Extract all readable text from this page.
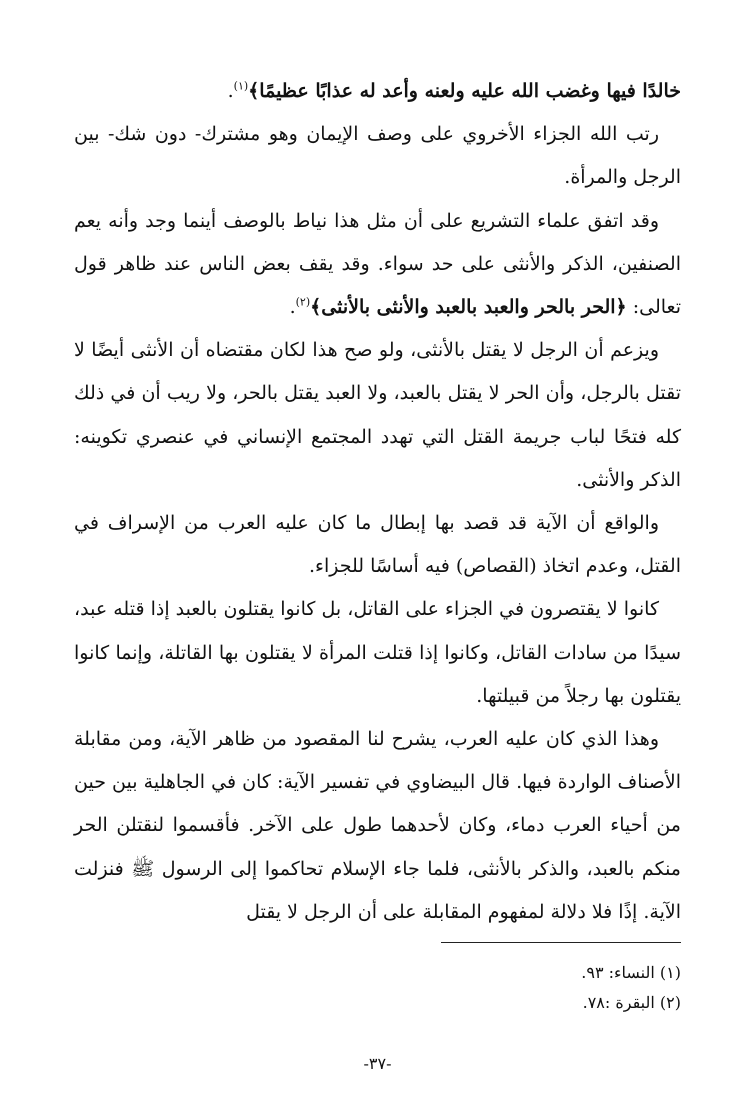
خالدًا فيها وغضب الله عليه ولعنه وأعد له عذابًا عظيمًا﴾$^{(١)}$.

رتب الله الجزاء الأخروي على وصف الإيمان وهو مشترك- دون شك- بين الرجل والمرأة.

وقد اتفق علماء التشريع على أن مثل هذا نياط بالوصف أينما وجد وأنه يعم الصنفين، الذكر والأنثى على حد سواء. وقد يقف بعض الناس عند ظاهر قول تعالى: ﴿الحر بالحر والعبد بالعبد والأنثى بالأنثى﴾$^{(٢)}$.

ويزعم أن الرجل لا يقتل بالأنثى، ولو صح هذا لكان مقتضاه أن الأنثى أيضًا لا تقتل بالرجل، وأن الحر لا يقتل بالعبد، ولا العبد يقتل بالحر، ولا ريب أن في ذلك كله فتحًا لباب جريمة القتل التي تهدد المجتمع الإنساني في عنصري تكوينه: الذكر والأنثى.

والواقع أن الآية قد قصد بها إبطال ما كان عليه العرب من الإسراف في القتل، وعدم اتخاذ (القصاص) فيه أساسًا للجزاء.

كانوا لا يقتصرون في الجزاء على القاتل، بل كانوا يقتلون بالعبد إذا قتله عبد، سيدًا من سادات القاتل، وكانوا إذا قتلت المرأة لا يقتلون بها القاتلة، وإنما كانوا يقتلون بها رجلاً من قبيلتها.

وهذا الذي كان عليه العرب، يشرح لنا المقصود من ظاهر الآية، ومن مقابلة الأصناف الواردة فيها. قال البيضاوي في تفسير الآية: كان في الجاهلية بين حين من أحياء العرب دماء، وكان لأحدهما طول على الآخر. فأقسموا لنقتلن الحر منكم بالعبد، والذكر بالأنثى، فلما جاء الإسلام تحاكموا إلى الرسول ﷺ فنزلت الآية. إذًا فلا دلالة لمفهوم المقابلة على أن الرجل لا يقتل

(١) النساء: ٩٣.

(٢) البقرة :٧٨.

-٣٧-
